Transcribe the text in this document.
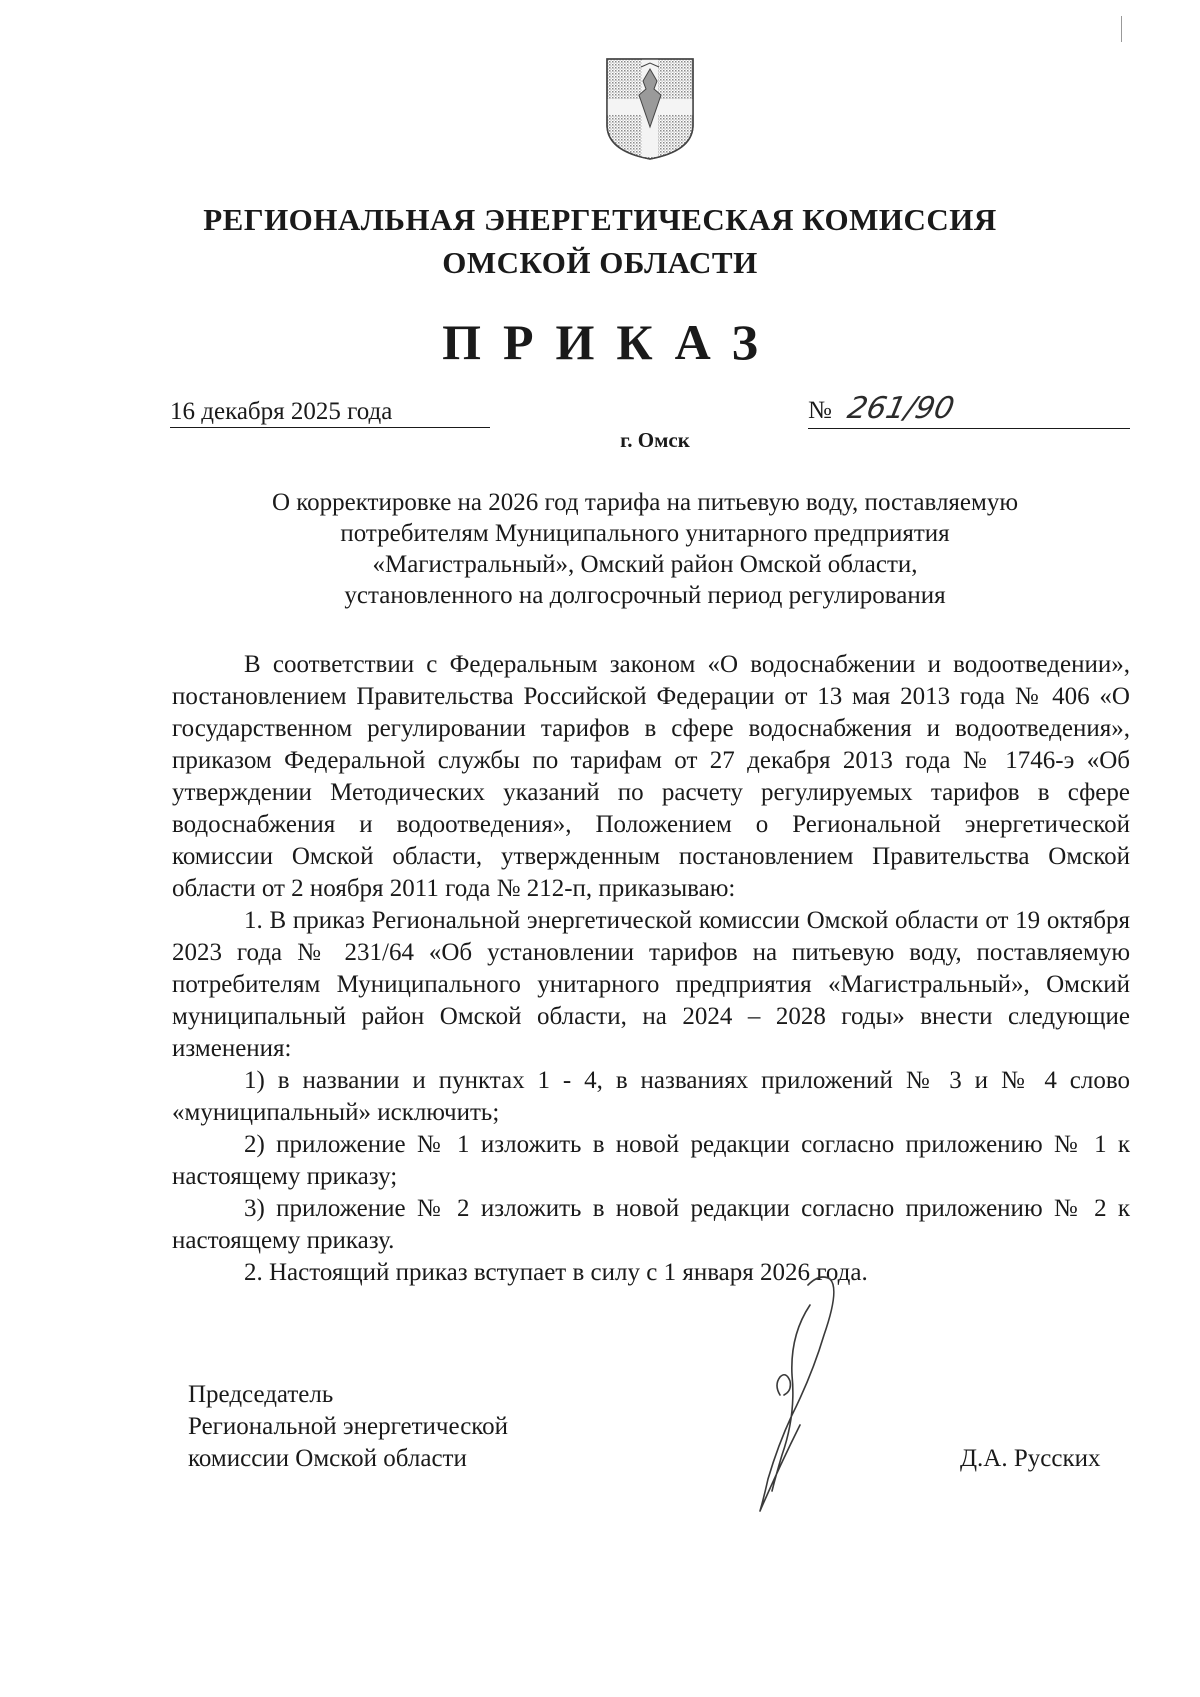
РЕГИОНАЛЬНАЯ ЭНЕРГЕТИЧЕСКАЯ КОМИССИЯ
ОМСКОЙ ОБЛАСТИ
ПРИКАЗ
16 декабря 2025 года	№ 261/90
г. Омск
О корректировке на 2026 год тарифа на питьевую воду, поставляемую
потребителям Муниципального унитарного предприятия
«Магистральный», Омский район Омской области,
установленного на долгосрочный период регулирования

В соответствии с Федеральным законом «О водоснабжении и водоотведении», постановлением Правительства Российской Федерации от 13 мая 2013 года № 406 «О государственном регулировании тарифов в сфере водоснабжения и водоотведения», приказом Федеральной службы по тарифам от 27 декабря 2013 года № 1746-э «Об утверждении Методических указаний по расчету регулируемых тарифов в сфере водоснабжения и водоотведения», Положением о Региональной энергетической комиссии Омской области, утвержденным постановлением Правительства Омской области от 2 ноября 2011 года № 212-п, приказываю:

1. В приказ Региональной энергетической комиссии Омской области от 19 октября 2023 года № 231/64 «Об установлении тарифов на питьевую воду, поставляемую потребителям Муниципального унитарного предприятия «Магистральный», Омский муниципальный район Омской области, на 2024 – 2028 годы» внести следующие изменения:

1) в названии и пунктах 1 - 4, в названиях приложений № 3 и № 4 слово «муниципальный» исключить;

2) приложение № 1 изложить в новой редакции согласно приложению № 1 к настоящему приказу;

3) приложение № 2 изложить в новой редакции согласно приложению № 2 к настоящему приказу.

2. Настоящий приказ вступает в силу с 1 января 2026 года.

Председатель
Региональной энергетической
комиссии Омской области	Д.А. Русских
